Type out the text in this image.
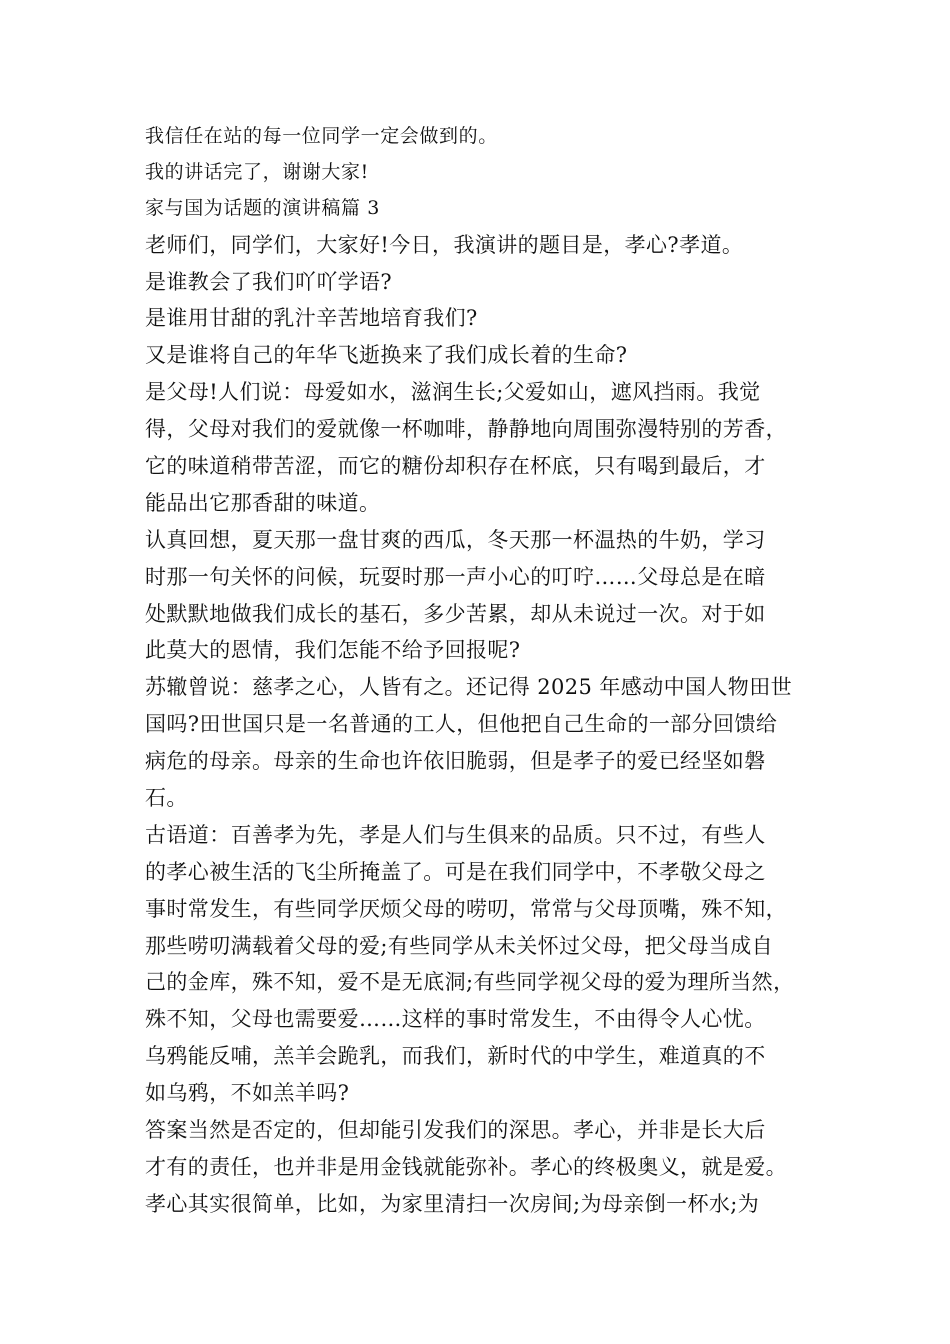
我信任在站的每一位同学一定会做到的。
我的讲话完了，谢谢大家!
家与国为话题的演讲稿篇 3
老师们，同学们，大家好!今日，我演讲的题目是，孝心?孝道。
是谁教会了我们吖吖学语?
是谁用甘甜的乳汁辛苦地培育我们?
又是谁将自己的年华飞逝换来了我们成长着的生命?
是父母!人们说：母爱如水，滋润生长;父爱如山，遮风挡雨。我觉
得，父母对我们的爱就像一杯咖啡，静静地向周围弥漫特别的芳香，
它的味道稍带苦涩，而它的糖份却积存在杯底，只有喝到最后，才
能品出它那香甜的味道。
认真回想，夏天那一盘甘爽的西瓜，冬天那一杯温热的牛奶，学习
时那一句关怀的问候，玩耍时那一声小心的叮咛……父母总是在暗
处默默地做我们成长的基石，多少苦累，却从未说过一次。对于如
此莫大的恩情，我们怎能不给予回报呢?
苏辙曾说：慈孝之心，人皆有之。还记得 2025 年感动中国人物田世
国吗?田世国只是一名普通的工人，但他把自己生命的一部分回馈给
病危的母亲。母亲的生命也许依旧脆弱，但是孝子的爱已经坚如磐
石。
古语道：百善孝为先，孝是人们与生俱来的品质。只不过，有些人
的孝心被生活的飞尘所掩盖了。可是在我们同学中，不孝敬父母之
事时常发生，有些同学厌烦父母的唠叨，常常与父母顶嘴，殊不知，
那些唠叨满载着父母的爱;有些同学从未关怀过父母，把父母当成自
己的金库，殊不知，爱不是无底洞;有些同学视父母的爱为理所当然，
殊不知，父母也需要爱……这样的事时常发生，不由得令人心忧。
乌鸦能反哺，羔羊会跪乳，而我们，新时代的中学生，难道真的不
如乌鸦，不如羔羊吗?
答案当然是否定的，但却能引发我们的深思。孝心，并非是长大后
才有的责任，也并非是用金钱就能弥补。孝心的终极奥义，就是爱。
孝心其实很简单，比如，为家里清扫一次房间;为母亲倒一杯水;为
